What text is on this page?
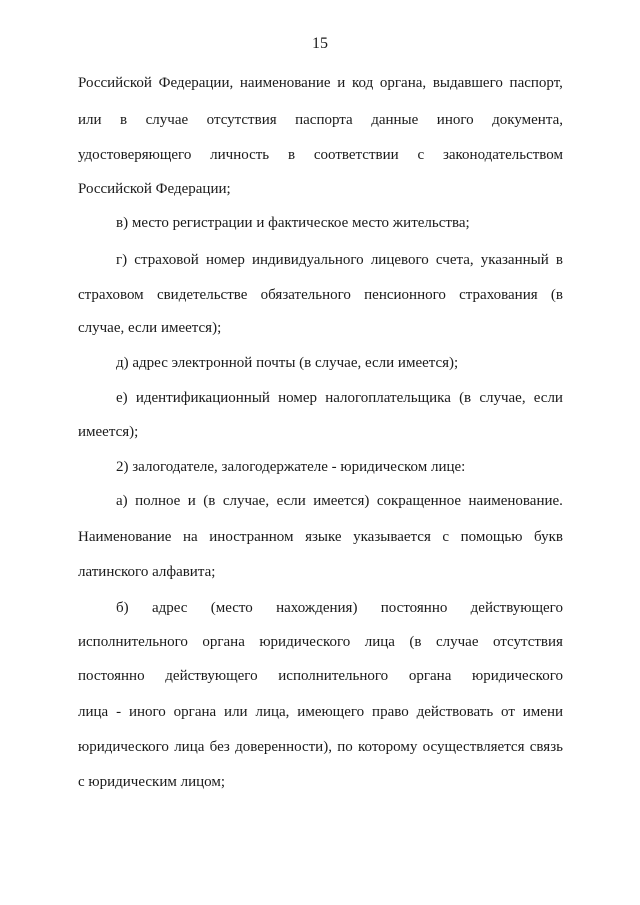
15
Российской Федерации, наименование и код органа, выдавшего паспорт,
или в случае отсутствия паспорта данные иного документа,
удостоверяющего личность в соответствии с законодательством
Российской Федерации;
в) место регистрации и фактическое место жительства;
г) страховой номер индивидуального лицевого счета, указанный в
страховом свидетельстве обязательного пенсионного страхования (в
случае, если имеется);
д) адрес электронной почты (в случае, если имеется);
е) идентификационный номер налогоплательщика (в случае, если
имеется);
2) залогодателе, залогодержателе - юридическом лице:
а) полное и (в случае, если имеется) сокращенное наименование.
Наименование на иностранном языке указывается с помощью букв
латинского алфавита;
б) адрес (место нахождения) постоянно действующего
исполнительного органа юридического лица (в случае отсутствия
постоянно действующего исполнительного органа юридического
лица - иного органа или лица, имеющего право действовать от имени
юридического лица без доверенности), по которому осуществляется связь
с юридическим лицом;
